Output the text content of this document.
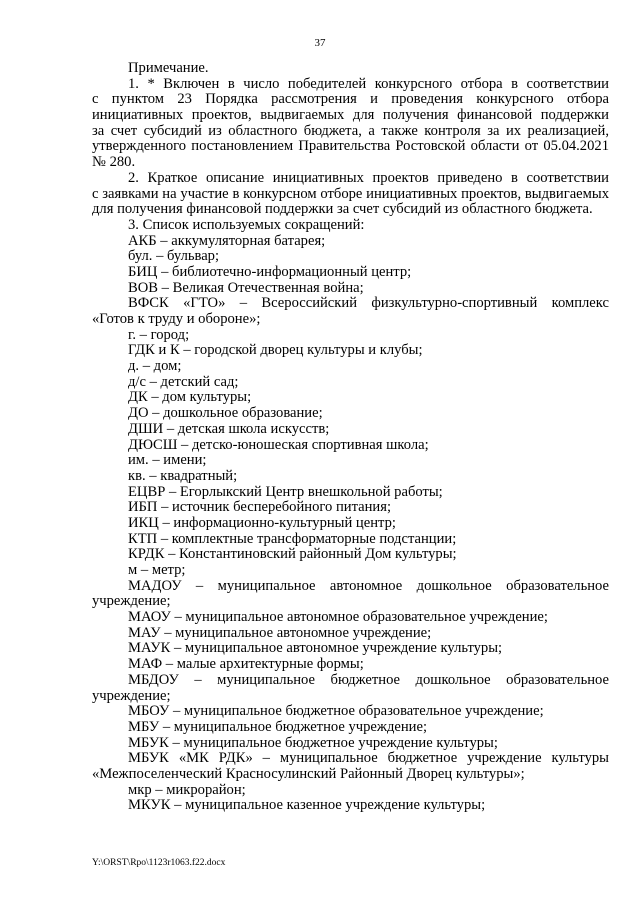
37
Примечание.
1. * Включен в число победителей конкурсного отбора в соответствии
с пунктом 23 Порядка рассмотрения и проведения конкурсного отбора
инициативных проектов, выдвигаемых для получения финансовой поддержки
за счет субсидий из областного бюджета, а также контроля за их реализацией,
утвержденного постановлением Правительства Ростовской области от 05.04.2021
№ 280.
2. Краткое описание инициативных проектов приведено в соответствии
с заявками на участие в конкурсном отборе инициативных проектов, выдвигаемых
для получения финансовой поддержки за счет субсидий из областного бюджета.
3. Список используемых сокращений:
АКБ – аккумуляторная батарея;
бул. – бульвар;
БИЦ – библиотечно-информационный центр;
ВОВ – Великая Отечественная война;
ВФСК «ГТО» – Всероссийский физкультурно-спортивный комплекс
«Готов к труду и обороне»;
г. – город;
ГДК и К – городской дворец культуры и клубы;
д. – дом;
д/с – детский сад;
ДК – дом культуры;
ДО – дошкольное образование;
ДШИ – детская школа искусств;
ДЮСШ – детско-юношеская спортивная школа;
им. – имени;
кв. – квадратный;
ЕЦВР – Егорлыкский Центр внешкольной работы;
ИБП – источник бесперебойного питания;
ИКЦ – информационно-культурный центр;
КТП – комплектные трансформаторные подстанции;
КРДК – Константиновский районный Дом культуры;
м – метр;
МАДОУ – муниципальное автономное дошкольное образовательное
учреждение;
МАОУ – муниципальное автономное образовательное учреждение;
МАУ – муниципальное автономное учреждение;
МАУК – муниципальное автономное учреждение культуры;
МАФ – малые архитектурные формы;
МБДОУ – муниципальное бюджетное дошкольное образовательное
учреждение;
МБОУ – муниципальное бюджетное образовательное учреждение;
МБУ – муниципальное бюджетное учреждение;
МБУК – муниципальное бюджетное учреждение культуры;
МБУК «МК РДК» – муниципальное бюджетное учреждение культуры
«Межпоселенческий Красносулинский Районный Дворец культуры»;
мкр – микрорайон;
МКУК – муниципальное казенное учреждение культуры;
Y:\ORST\Rpo\1123r1063.f22.docx
